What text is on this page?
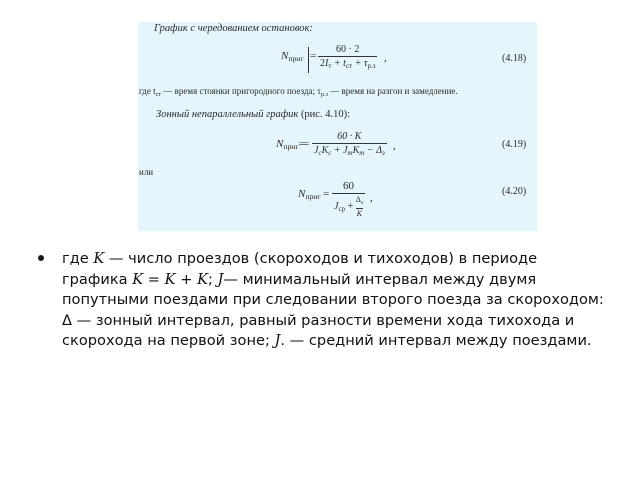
График с чередованием остановок:
$N_{приг}$ =
60 · 2
$2I_т + t_{ст} + \tau_{р.з}$
,	(4.18)
где $t_{ст}$ — время стоянки пригородного поезда; $\tau_{р.з}$ — время на разгон и замедление.
Зонный непараллельный график (рис. 4.10):
$N_{приг}=$
=
60 · K
$J_сK_с + J_тK_т - \Delta_з$
,	(4.19)
или
$N_{приг}$ =
60
$J_{ср}$ +
$\Delta_з$
K
,
(4.20)
где K — число проездов (скороходов и тихоходов) в периоде графика K = K + K; J— минимальный интервал между двумя попутными поездами при следовании второго поезда за скороходом: Δ — зонный интервал, равный разности времени хода тихохода и скорохода на первой зоне; J. — средний интервал между поездами.
